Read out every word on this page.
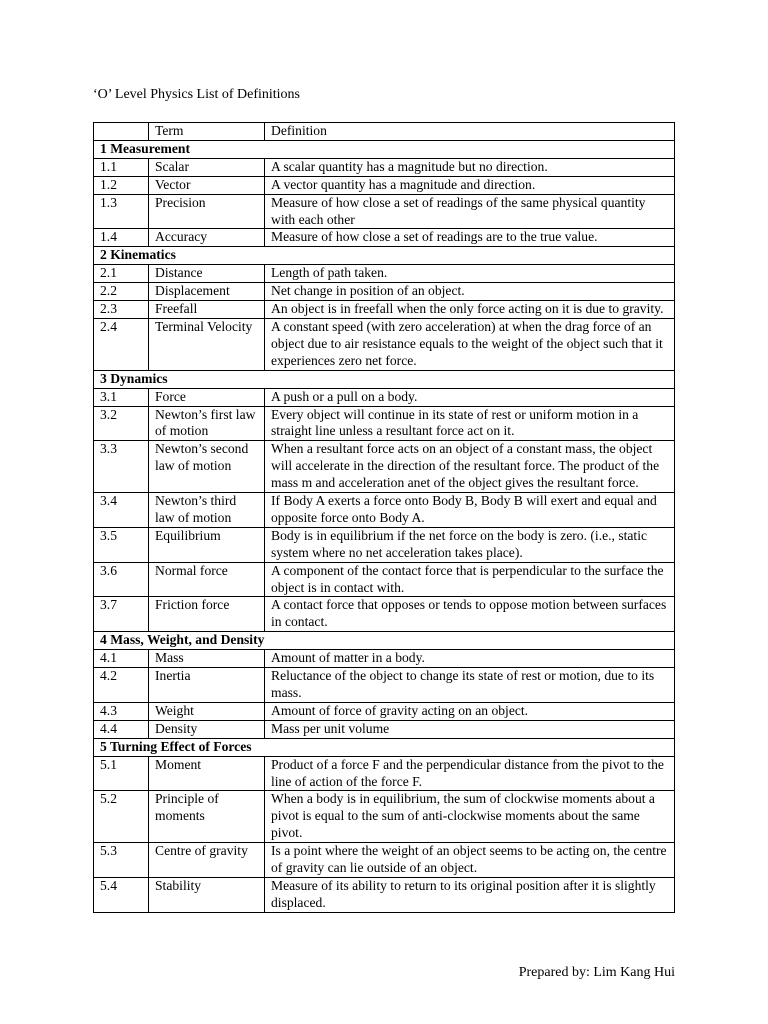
‘O’ Level Physics List of Definitions
	Term	Definition
1 Measurement		
1.1	Scalar	A scalar quantity has a magnitude but no direction.
1.2	Vector	A vector quantity has a magnitude and direction.
1.3	Precision	Measure of how close a set of readings of the same physical quantity with each other
1.4	Accuracy	Measure of how close a set of readings are to the true value.
2 Kinematics		
2.1	Distance	Length of path taken.
2.2	Displacement	Net change in position of an object.
2.3	Freefall	An object is in freefall when the only force acting on it is due to gravity.
2.4	Terminal Velocity	A constant speed (with zero acceleration) at when the drag force of an object due to air resistance equals to the weight of the object such that it experiences zero net force.
3 Dynamics		
3.1	Force	A push or a pull on a body.
3.2	Newton’s first law of motion	Every object will continue in its state of rest or uniform motion in a straight line unless a resultant force act on it.
3.3	Newton’s second law of motion	When a resultant force acts on an object of a constant mass, the object will accelerate in the direction of the resultant force. The product of the mass m and acceleration anet of the object gives the resultant force.
3.4	Newton’s third law of motion	If Body A exerts a force onto Body B, Body B will exert and equal and opposite force onto Body A.
3.5	Equilibrium	Body is in equilibrium if the net force on the body is zero. (i.e., static system where no net acceleration takes place).
3.6	Normal force	A component of the contact force that is perpendicular to the surface the object is in contact with.
3.7	Friction force	A contact force that opposes or tends to oppose motion between surfaces in contact.
4 Mass, Weight, and Density		
4.1	Mass	Amount of matter in a body.
4.2	Inertia	Reluctance of the object to change its state of rest or motion, due to its mass.
4.3	Weight	Amount of force of gravity acting on an object.
4.4	Density	Mass per unit volume
5 Turning Effect of Forces		
5.1	Moment	Product of a force F and the perpendicular distance from the pivot to the line of action of the force F.
5.2	Principle of moments	When a body is in equilibrium, the sum of clockwise moments about a pivot is equal to the sum of anti-clockwise moments about the same pivot.
5.3	Centre of gravity	Is a point where the weight of an object seems to be acting on, the centre of gravity can lie outside of an object.
5.4	Stability	Measure of its ability to return to its original position after it is slightly displaced.
Prepared by: Lim Kang Hui
